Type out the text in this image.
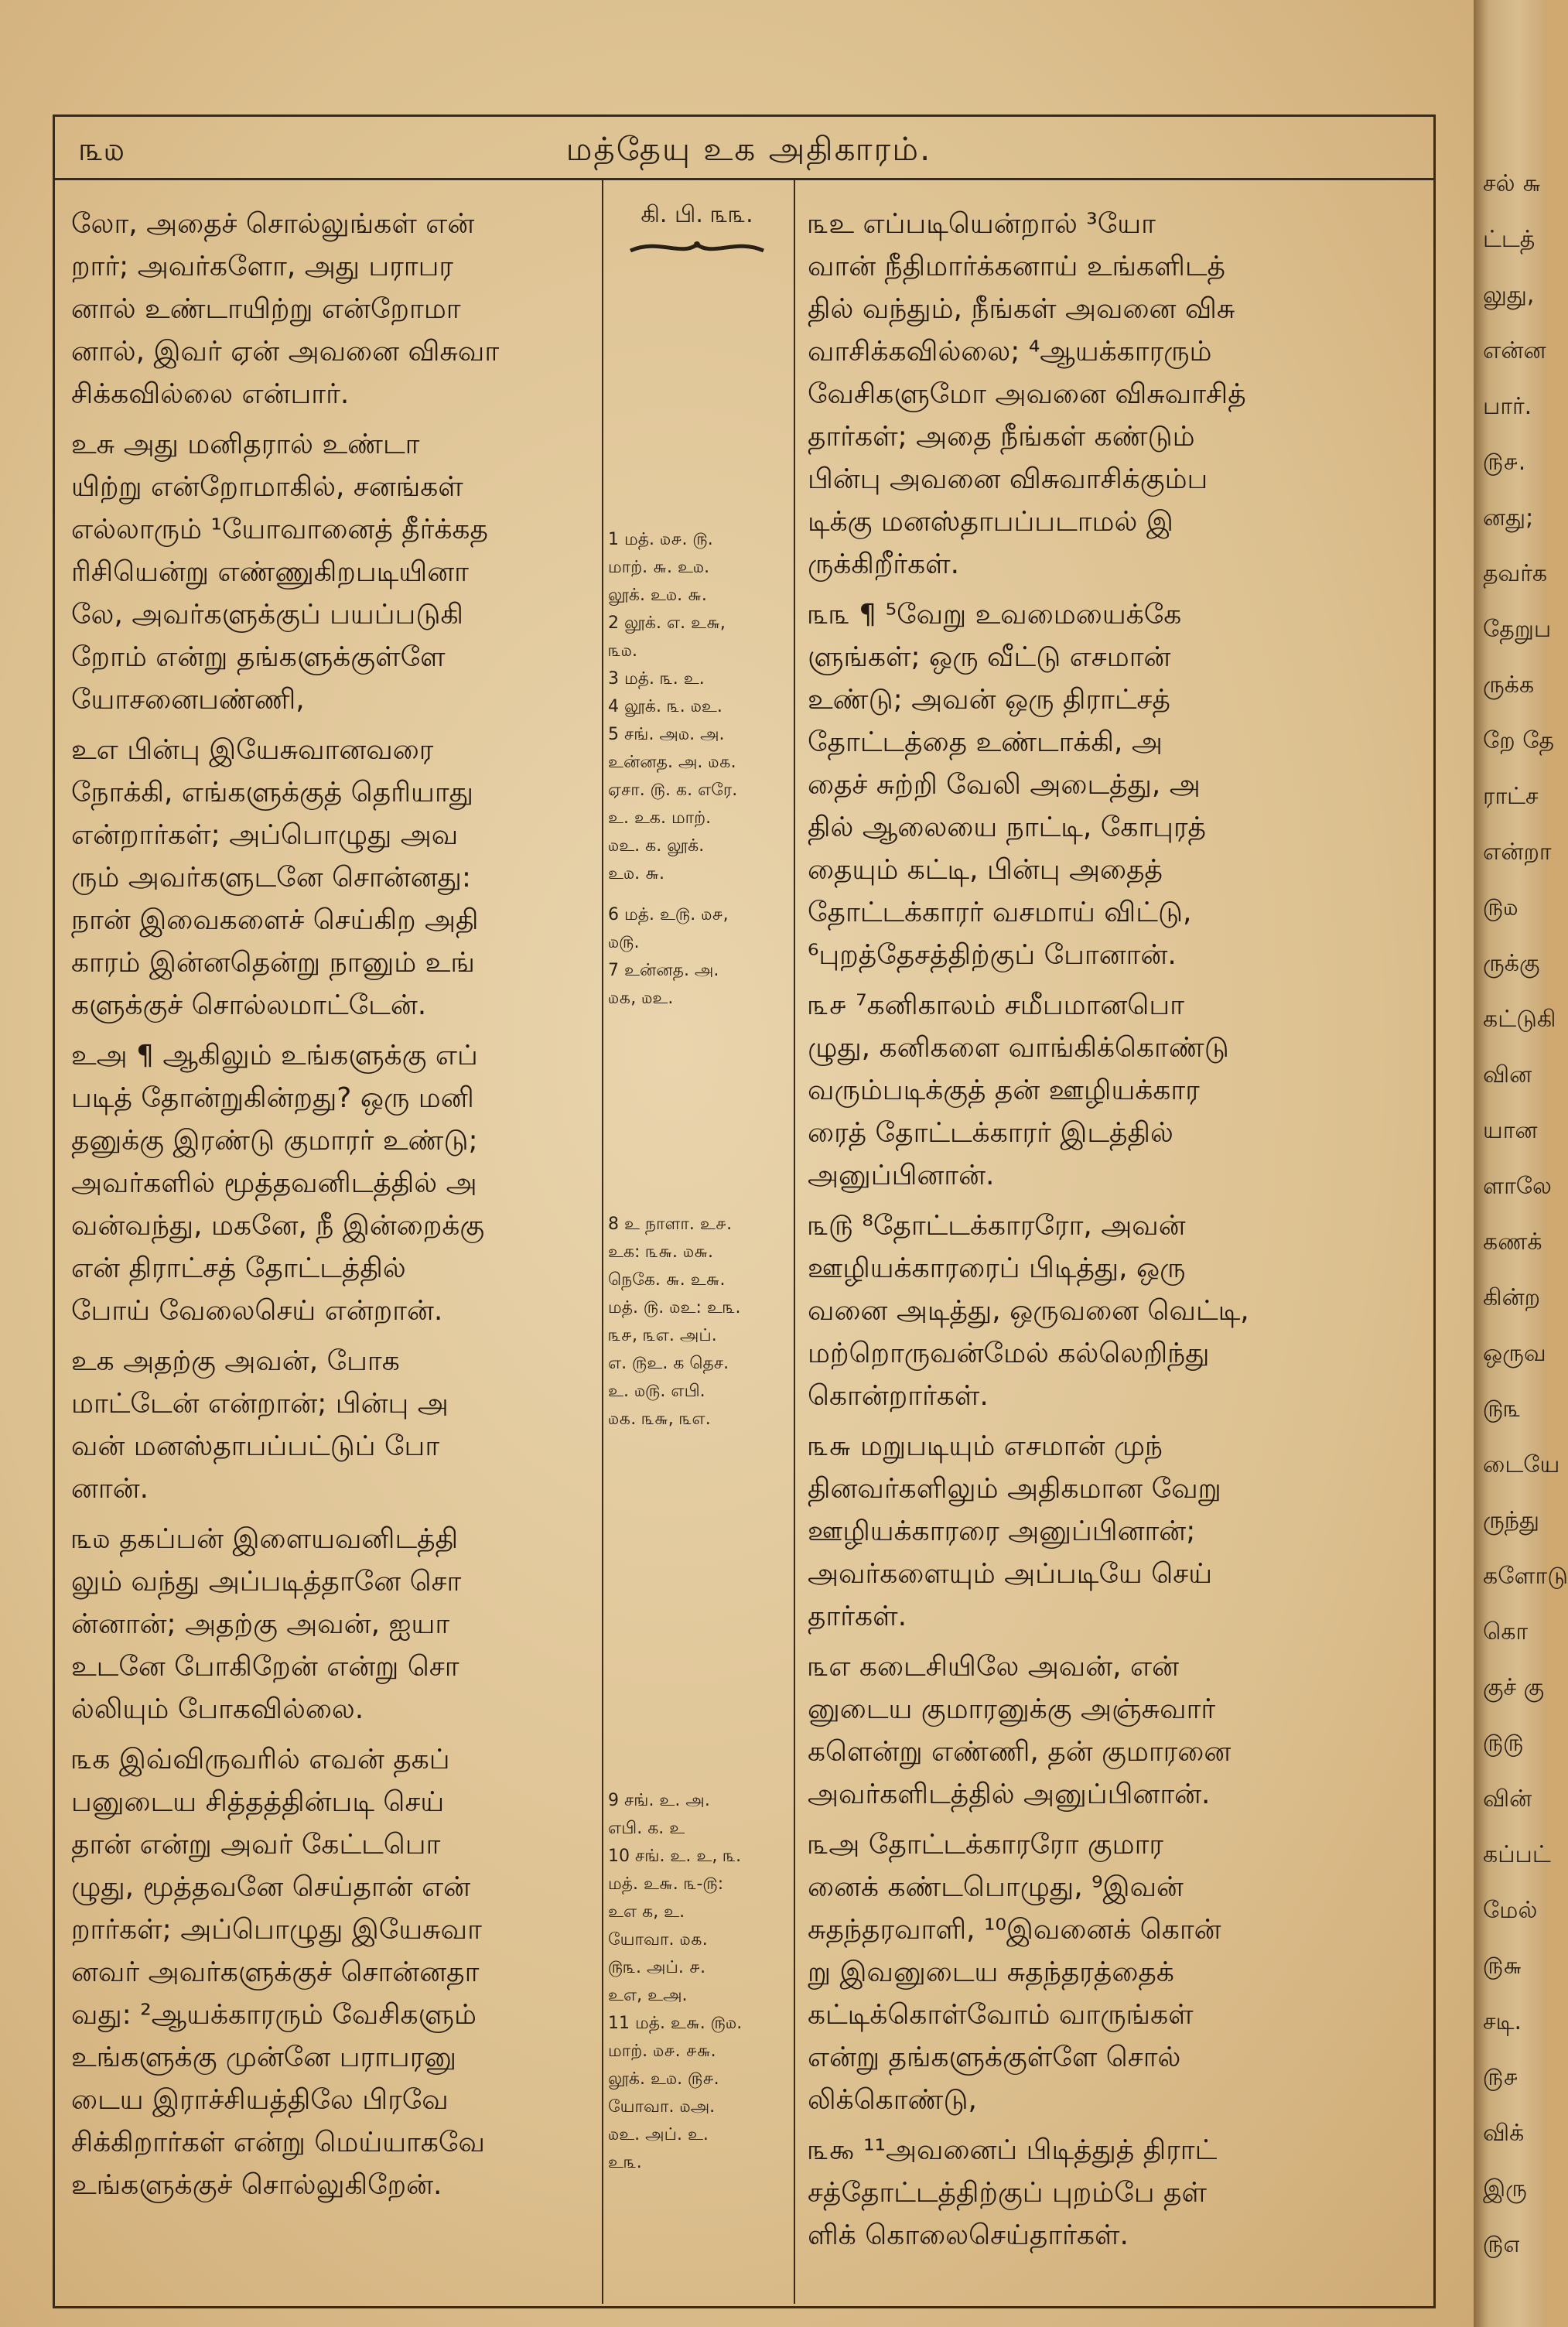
சல் ௬
ட்டத்
லுது,
என்ன
பார்.
௫௪.
னது;
தவர்க
தேறுப
ருக்க
றே தே
ராட்ச
என்றா
௫௰
ருக்கு
கட்டுகி
வின
யான
ளாலே
கணக்
கின்ற
ஒருவ
௫௩
டையே
ருந்து
களோடு
கொ
குச் கு
௫௫
வின்
கப்பட்
மேல்
௫௬
சடி.
௫௪
விக்
இரு
௫௭
௩௰	மத்தேயு உக அதிகாரம்.
லோ, அதைச் சொல்லுங்கள் என்
றார்; அவர்களோ, அது பராபர
னால் உண்டாயிற்று என்றோமா
னால், இவர் ஏன் அவனை விசுவா
சிக்கவில்லை என்பார்.
உசு அது மனிதரால் உண்டா
யிற்று என்றோமாகில், சனங்கள்
எல்லாரும் ¹யோவானைத் தீர்க்கத
ரிசியென்று எண்ணுகிறபடியினா
லே, அவர்களுக்குப் பயப்படுகி
றோம் என்று தங்களுக்குள்ளே
யோசனைபண்ணி,
உஎ பின்பு இயேசுவானவரை
நோக்கி, எங்களுக்குத் தெரியாது
என்றார்கள்; அப்பொழுது அவ
ரும் அவர்களுடனே சொன்னது:
நான் இவைகளைச் செய்கிற அதி
காரம் இன்னதென்று நானும் உங்
களுக்குச் சொல்லமாட்டேன்.
உஅ ¶ ஆகிலும் உங்களுக்கு எப்
படித் தோன்றுகின்றது? ஒரு மனி
தனுக்கு இரண்டு குமாரர் உண்டு;
அவர்களில் மூத்தவனிடத்தில் அ
வன்வந்து, மகனே, நீ இன்றைக்கு
என் திராட்சத் தோட்டத்தில்
போய் வேலைசெய் என்றான்.
உக அதற்கு அவன், போக
மாட்டேன் என்றான்; பின்பு அ
வன் மனஸ்தாபப்பட்டுப் போ
னான்.
௩௰ தகப்பன் இளையவனிடத்தி
லும் வந்து அப்படித்தானே சொ
ன்னான்; அதற்கு அவன், ஐயா
உடனே போகிறேன் என்று சொ
ல்லியும் போகவில்லை.
௩க இவ்விருவரில் எவன் தகப்
பனுடைய சித்தத்தின்படி செய்
தான் என்று அவர் கேட்டபொ
ழுது, மூத்தவனே செய்தான் என்
றார்கள்; அப்பொழுது இயேசுவா
னவர் அவர்களுக்குச் சொன்னதா
வது: ²ஆயக்காரரும் வேசிகளும்
உங்களுக்கு முன்னே பராபரனு
டைய இராச்சியத்திலே பிரவே
சிக்கிறார்கள் என்று மெய்யாகவே
உங்களுக்குச் சொல்லுகிறேன்.
கி. பி. ௩௩.
1 மத். ௰௪. ௫.
மாற். ௬. உ௰.
லூக். உ௰. ௬.
2 லூக். எ. உ௬,
௩௰.
3 மத். ௩. உ.
4 லூக். ௩. ௰உ.
5 சங். அ௰. அ.
உன்னத. அ. ௰௧.
ஏசா. ௫. க. எரே.
உ. உக. மாற்.
௰உ. க. லூக்.
உ௰. ௬.
6 மத். உ௫. ௰௪,
௰௫.
7 உன்னத. அ.
௰௧, ௰உ.
8 உ நாளா. உ௪.
உக: ௩௬. ௰௬.
நெகே. ௬. உ௬.
மத். ௫. ௰உ: உ௩.
௩௪, ௩எ. அப்.
எ. ௫உ. க தெச.
உ. ௰௫. எபி.
௰௧. ௩௬, ௩எ.
9 சங். உ. அ.
எபி. க. உ
10 சங். உ. உ, ௩.
மத். உ௬. ௩-௫:
உஎ க, உ.
யோவா. ௰௧.
௫௩. அப். ௪.
உஎ, உஅ.
11 மத். உ௬. ௫௰.
மாற். ௰௪. ௪௬.
லூக். உ௰. ௫௪.
யோவா. ௰அ.
௰உ. அப். உ.
உ௩.
௩உ எப்படியென்றால் ³யோ
வான் நீதிமார்க்கனாய் உங்களிடத்
தில் வந்தும், நீங்கள் அவனை விசு
வாசிக்கவில்லை; ⁴ஆயக்காரரும்
வேசிகளுமோ அவனை விசுவாசித்
தார்கள்; அதை நீங்கள் கண்டும்
பின்பு அவனை விசுவாசிக்கும்ப
டிக்கு மனஸ்தாபப்படாமல் இ
ருக்கிறீர்கள்.
௩௩ ¶ ⁵வேறு உவமையைக்கே
ளுங்கள்; ஒரு வீட்டு எசமான்
உண்டு; அவன் ஒரு திராட்சத்
தோட்டத்தை உண்டாக்கி, அ
தைச் சுற்றி வேலி அடைத்து, அ
தில் ஆலையை நாட்டி, கோபுரத்
தையும் கட்டி, பின்பு அதைத்
தோட்டக்காரர் வசமாய் விட்டு,
⁶புறத்தேசத்திற்குப் போனான்.
௩௪ ⁷கனிகாலம் சமீபமானபொ
ழுது, கனிகளை வாங்கிக்கொண்டு
வரும்படிக்குத் தன் ஊழியக்கார
ரைத் தோட்டக்காரர் இடத்தில்
அனுப்பினான்.
௩௫ ⁸தோட்டக்காரரோ, அவன்
ஊழியக்காரரைப் பிடித்து, ஒரு
வனை அடித்து, ஒருவனை வெட்டி,
மற்றொருவன்மேல் கல்லெறிந்து
கொன்றார்கள்.
௩௬ மறுபடியும் எசமான் முந்
தினவர்களிலும் அதிகமான வேறு
ஊழியக்காரரை அனுப்பினான்;
அவர்களையும் அப்படியே செய்
தார்கள்.
௩எ கடைசியிலே அவன், என்
னுடைய குமாரனுக்கு அஞ்சுவார்
களென்று எண்ணி, தன் குமாரனை
அவர்களிடத்தில் அனுப்பினான்.
௩அ தோட்டக்காரரோ குமார
னைக் கண்டபொழுது, ⁹இவன்
சுதந்தரவாளி, ¹⁰இவனைக் கொன்
று இவனுடைய சுதந்தரத்தைக்
கட்டிக்கொள்வோம் வாருங்கள்
என்று தங்களுக்குள்ளே சொல்
லிக்கொண்டு,
௩௯ ¹¹அவனைப் பிடித்துத் திராட்
சத்தோட்டத்திற்குப் புறம்பே தள்
ளிக் கொலைசெய்தார்கள்.
